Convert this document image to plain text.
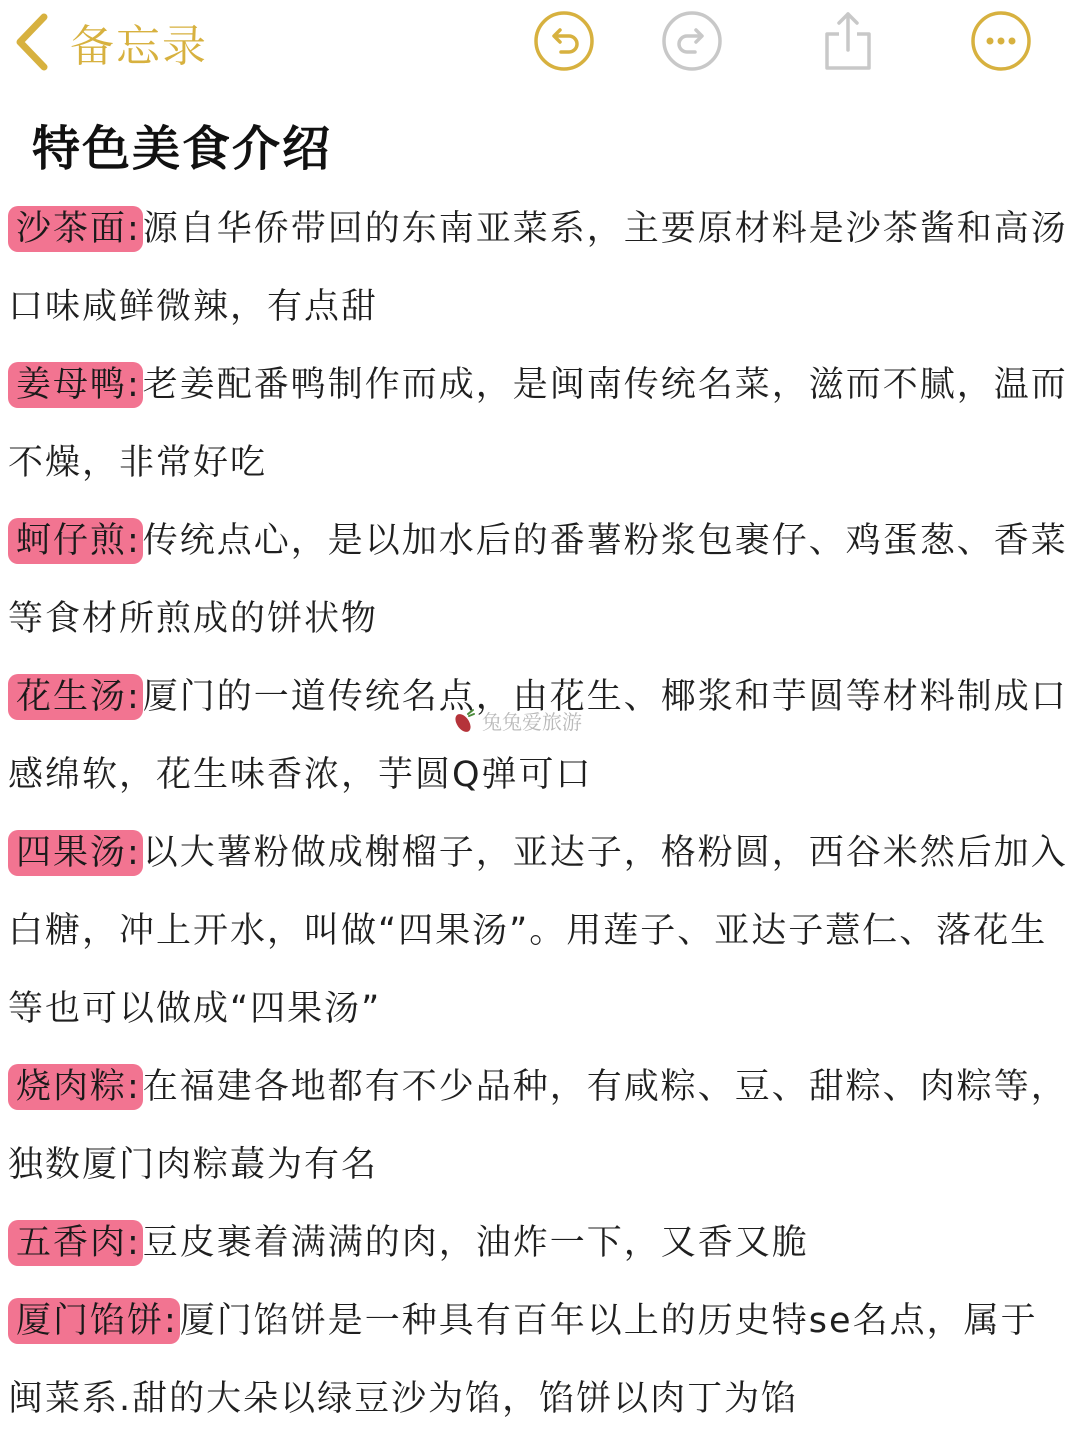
备忘录
特色美食介绍

沙茶面:源自华侨带回的东南亚菜系，主要原材料是沙茶酱和高汤口味咸鲜微辣，有点甜

姜母鸭:老姜配番鸭制作而成，是闽南传统名菜，滋而不腻，温而不燥，非常好吃

蚵仔煎:传统点心，是以加水后的番薯粉浆包裹仔、鸡蛋葱、香菜等食材所煎成的饼状物

花生汤:厦门的一道传统名点，由花生、椰浆和芋圆等材料制成口感绵软，花生味香浓，芋圆Q弹可口

四果汤:以大薯粉做成榭榴子，亚达子，格粉圆，西谷米然后加入白糖，冲上开水，叫做“四果汤”。用莲子、亚达子薏仁、落花生等也可以做成“四果汤”

烧肉粽:在福建各地都有不少品种，有咸粽、豆、甜粽、肉粽等，独数厦门肉粽蕞为有名

五香肉:豆皮裹着满满的肉，油炸一下，又香又脆

厦门馅饼:厦门馅饼是一种具有百年以上的历史特se名点，属于闽菜系.甜的大朵以绿豆沙为馅，馅饼以肉丁为馅

兔兔爱旅游
